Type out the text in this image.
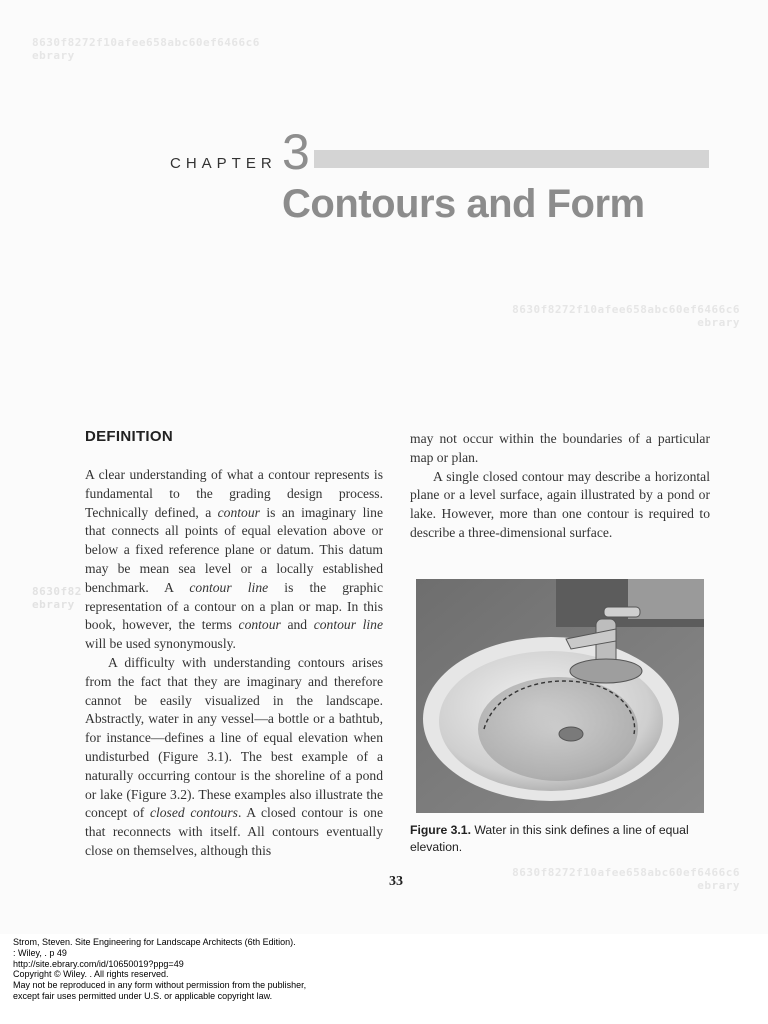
8630f8272f10afee658abc60ef6466c6
ebrary
8630f8272f10afee658abc60ef6466c6
ebrary
8630f82
ebrary
8630f8272f10afee658abc60ef6466c6
ebrary
CHAPTER 3
Contours and Form
DEFINITION

A clear understanding of what a contour represents is fundamental to the grading design process. Technically defined, a contour is an imaginary line that connects all points of equal elevation above or below a fixed reference plane or datum. This datum may be mean sea level or a locally established benchmark. A contour line is the graphic representation of a contour on a plan or map. In this book, however, the terms contour and contour line will be used synonymously.

A difficulty with understanding contours arises from the fact that they are imaginary and therefore cannot be easily visualized in the landscape. Abstractly, water in any vessel—a bottle or a bathtub, for instance—defines a line of equal elevation when undisturbed (Figure 3.1). The best example of a naturally occurring contour is the shoreline of a pond or lake (Figure 3.2). These examples also illustrate the concept of closed contours. A closed contour is one that reconnects with itself. All contours eventually close on themselves, although this

may not occur within the boundaries of a particular map or plan.

A single closed contour may describe a horizontal plane or a level surface, again illustrated by a pond or lake. However, more than one contour is required to describe a three-dimensional surface.

Figure 3.1. Water in this sink defines a line of equal elevation.
33
Strom, Steven. Site Engineering for Landscape Architects (6th Edition).
: Wiley, . p 49
http://site.ebrary.com/id/10650019?ppg=49
Copyright © Wiley. . All rights reserved.
May not be reproduced in any form without permission from the publisher,
except fair uses permitted under U.S. or applicable copyright law.
